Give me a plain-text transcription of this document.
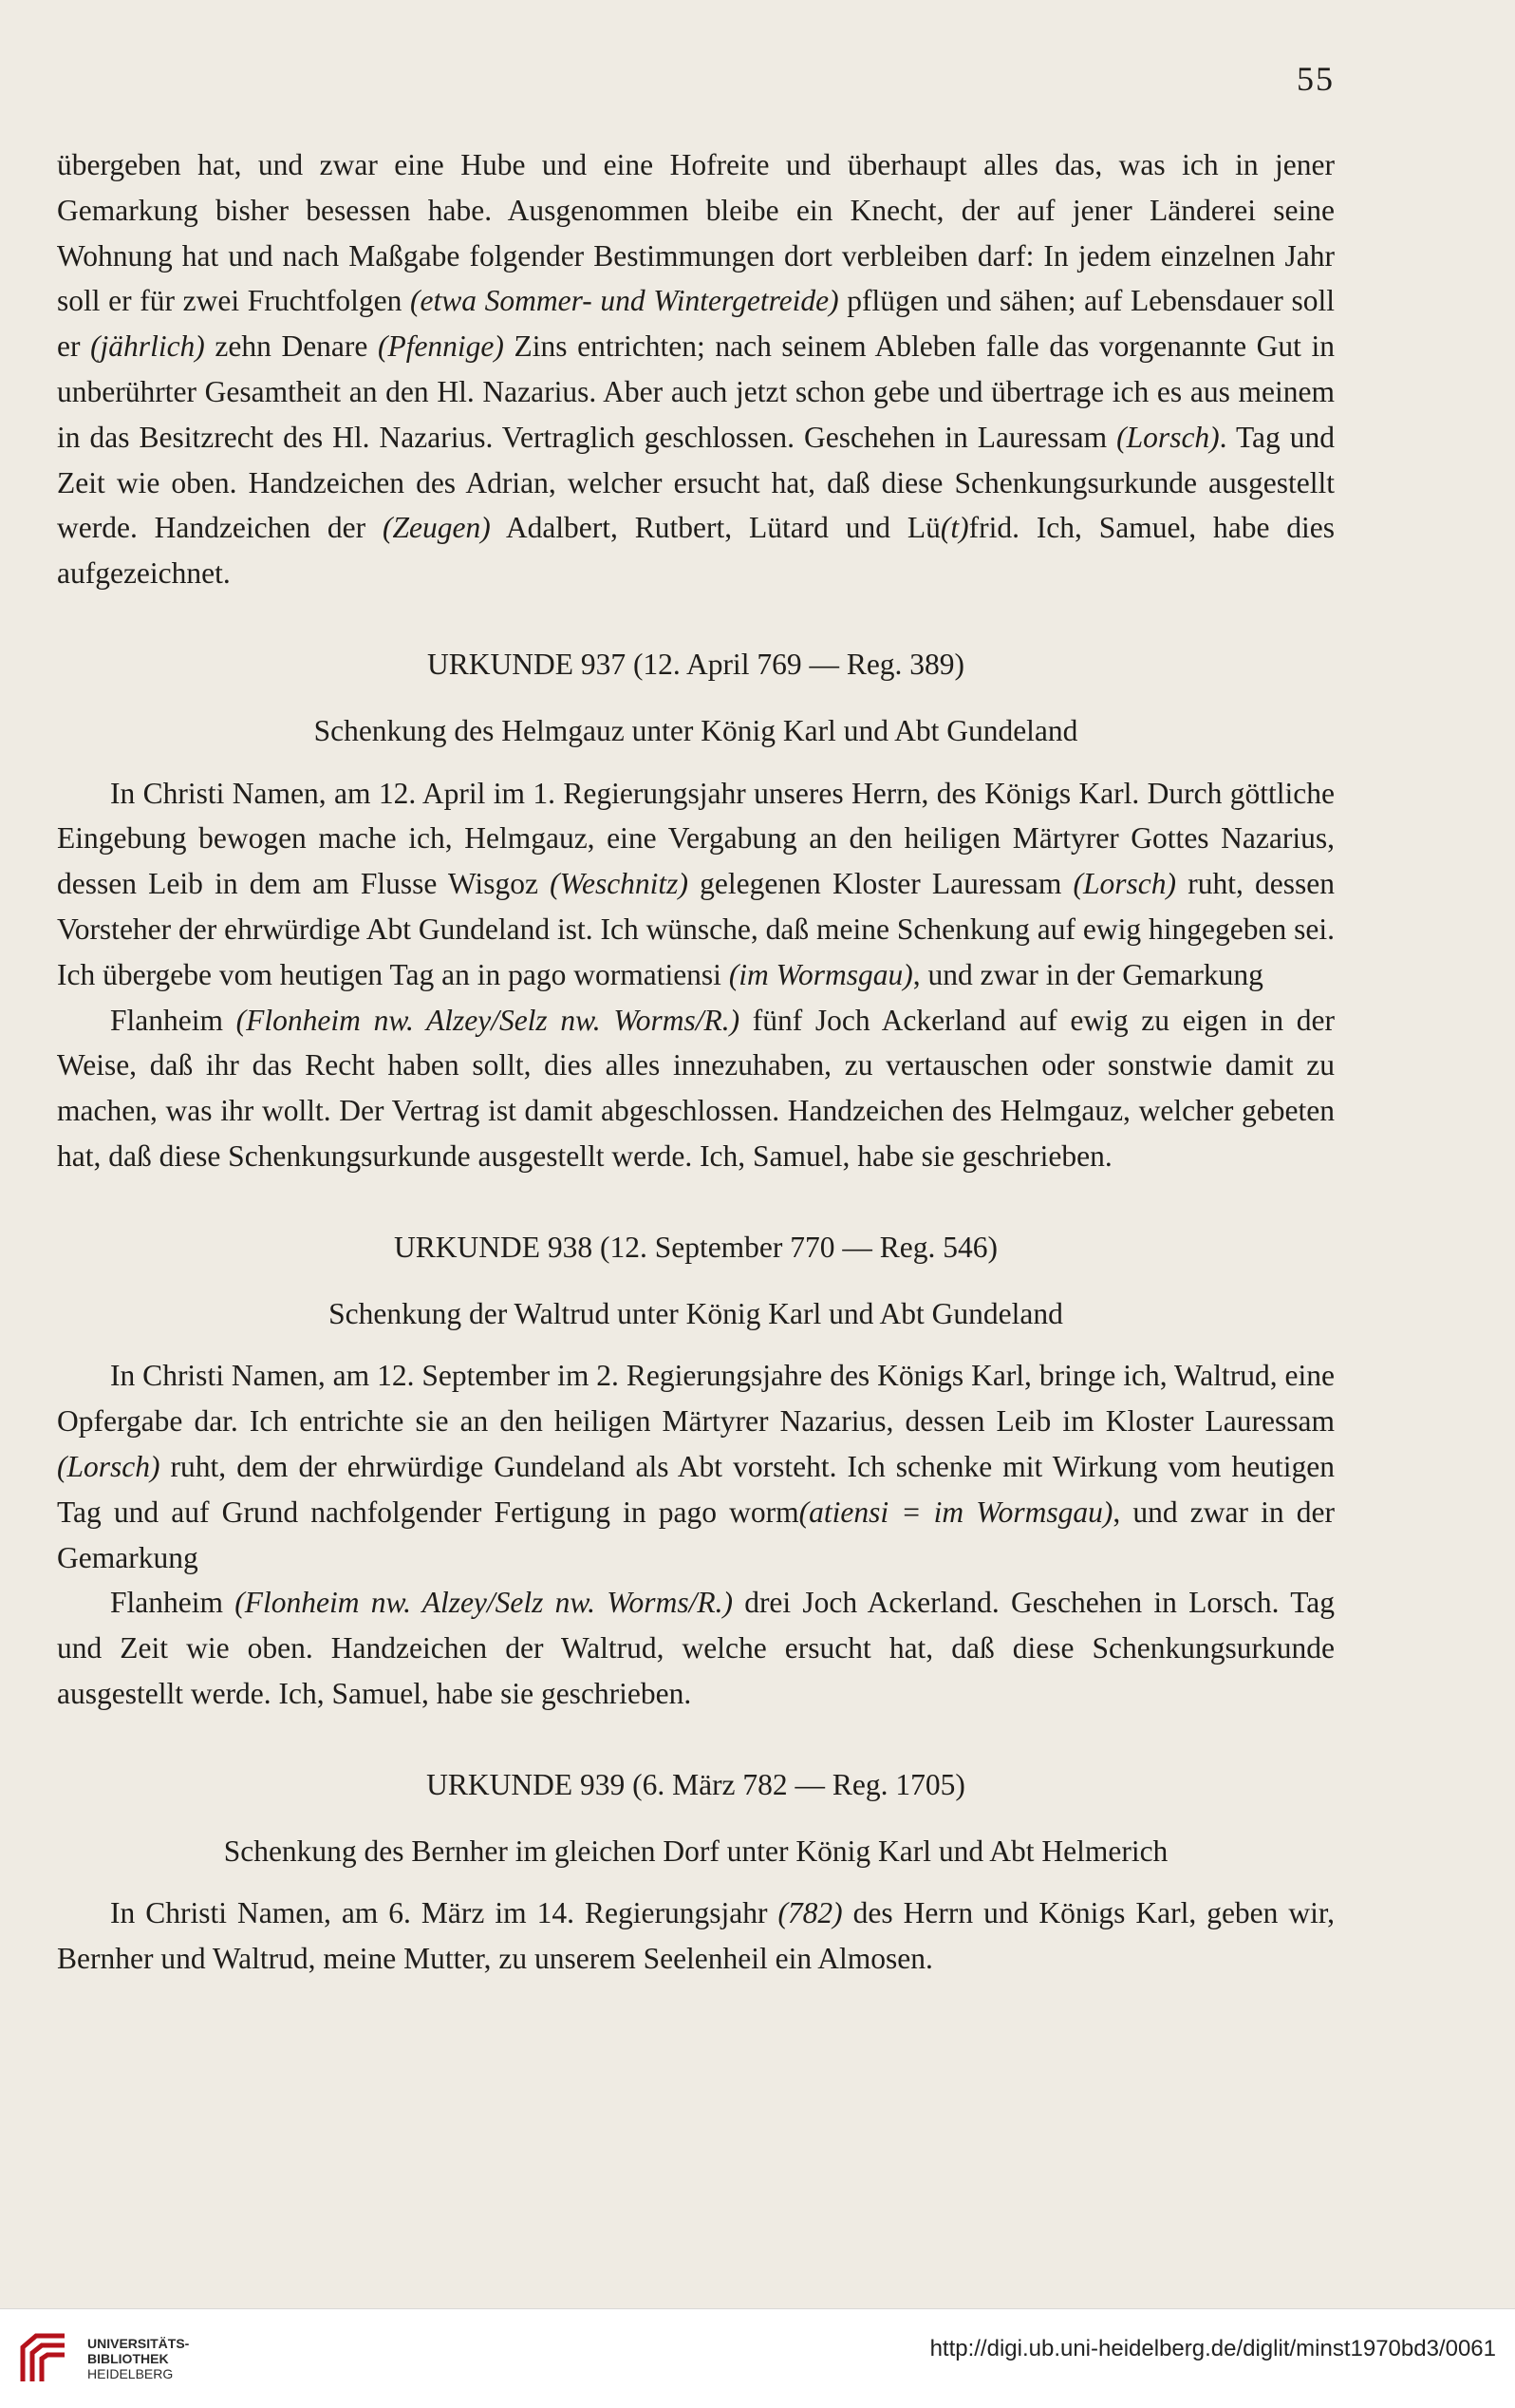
55

übergeben hat, und zwar eine Hube und eine Hofreite und überhaupt alles das, was ich in jener Gemarkung bisher besessen habe. Ausgenommen bleibe ein Knecht, der auf jener Länderei seine Wohnung hat und nach Maßgabe folgender Bestimmungen dort verbleiben darf: In jedem einzelnen Jahr soll er für zwei Fruchtfolgen (etwa Sommer- und Wintergetreide) pflügen und sähen; auf Lebensdauer soll er (jährlich) zehn Denare (Pfennige) Zins entrichten; nach seinem Ableben falle das vorgenannte Gut in unberührter Gesamtheit an den Hl. Nazarius. Aber auch jetzt schon gebe und übertrage ich es aus meinem in das Besitzrecht des Hl. Nazarius. Vertraglich geschlossen. Geschehen in Lauressam (Lorsch). Tag und Zeit wie oben. Handzeichen des Adrian, welcher ersucht hat, daß diese Schenkungsurkunde ausgestellt werde. Handzeichen der (Zeugen) Adalbert, Rutbert, Lütard und Lü(t)frid. Ich, Samuel, habe dies aufgezeichnet.

URKUNDE 937 (12. April 769 — Reg. 389)
Schenkung des Helmgauz unter König Karl und Abt Gundeland

In Christi Namen, am 12. April im 1. Regierungsjahr unseres Herrn, des Königs Karl. Durch göttliche Eingebung bewogen mache ich, Helmgauz, eine Vergabung an den heiligen Märtyrer Gottes Nazarius, dessen Leib in dem am Flusse Wisgoz (Weschnitz) gelegenen Kloster Lauressam (Lorsch) ruht, dessen Vorsteher der ehrwürdige Abt Gundeland ist. Ich wünsche, daß meine Schenkung auf ewig hingegeben sei. Ich übergebe vom heutigen Tag an in pago wormatiensi (im Wormsgau), und zwar in der Gemarkung

Flanheim (Flonheim nw. Alzey/Selz nw. Worms/R.) fünf Joch Ackerland auf ewig zu eigen in der Weise, daß ihr das Recht haben sollt, dies alles innezuhaben, zu vertauschen oder sonstwie damit zu machen, was ihr wollt. Der Vertrag ist damit abgeschlossen. Handzeichen des Helmgauz, welcher gebeten hat, daß diese Schenkungsurkunde ausgestellt werde. Ich, Samuel, habe sie geschrieben.

URKUNDE 938 (12. September 770 — Reg. 546)
Schenkung der Waltrud unter König Karl und Abt Gundeland

In Christi Namen, am 12. September im 2. Regierungsjahre des Königs Karl, bringe ich, Waltrud, eine Opfergabe dar. Ich entrichte sie an den heiligen Märtyrer Nazarius, dessen Leib im Kloster Lauressam (Lorsch) ruht, dem der ehrwürdige Gundeland als Abt vorsteht. Ich schenke mit Wirkung vom heutigen Tag und auf Grund nachfolgender Fertigung in pago worm(atiensi = im Wormsgau), und zwar in der Gemarkung

Flanheim (Flonheim nw. Alzey/Selz nw. Worms/R.) drei Joch Ackerland. Geschehen in Lorsch. Tag und Zeit wie oben. Handzeichen der Waltrud, welche ersucht hat, daß diese Schenkungsurkunde ausgestellt werde. Ich, Samuel, habe sie geschrieben.

URKUNDE 939 (6. März 782 — Reg. 1705)
Schenkung des Bernher im gleichen Dorf unter König Karl und Abt Helmerich

In Christi Namen, am 6. März im 14. Regierungsjahr (782) des Herrn und Königs Karl, geben wir, Bernher und Waltrud, meine Mutter, zu unserem Seelenheil ein Almosen.

UNIVERSITÄTS-
BIBLIOTHEK
HEIDELBERG
http://digi.ub.uni-heidelberg.de/diglit/minst1970bd3/0061
